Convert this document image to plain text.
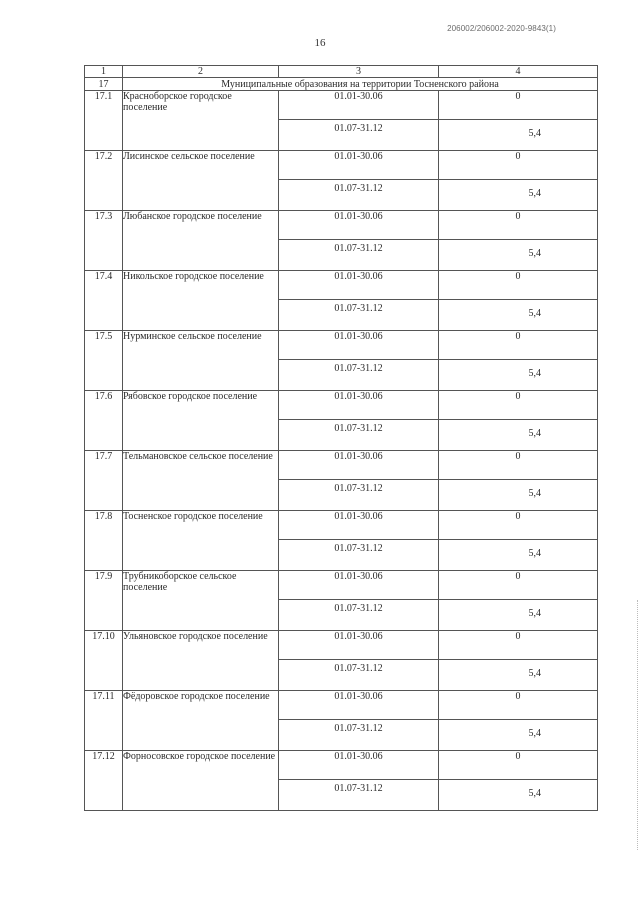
206002/206002-2020-9843(1)
16
1	2	3	4
17	Муниципальные образования на территории Тосненского района		
17.1	Красноборское городское поселение	01.01-30.06	0
		01.07-31.12	5,4
17.2	Лисинское сельское поселение	01.01-30.06	0
		01.07-31.12	5,4
17.3	Любанское городское поселение	01.01-30.06	0
		01.07-31.12	5,4
17.4	Никольское городское поселение	01.01-30.06	0
		01.07-31.12	5,4
17.5	Нурминское сельское поселение	01.01-30.06	0
		01.07-31.12	5,4
17.6	Рябовское городское поселение	01.01-30.06	0
		01.07-31.12	5,4
17.7	Тельмановское сельское поселение	01.01-30.06	0
		01.07-31.12	5,4
17.8	Тосненское городское поселение	01.01-30.06	0
		01.07-31.12	5,4
17.9	Трубникоборское сельское поселение	01.01-30.06	0
		01.07-31.12	5,4
17.10	Ульяновское городское поселение	01.01-30.06	0
		01.07-31.12	5,4
17.11	Фёдоровское городское поселение	01.01-30.06	0
		01.07-31.12	5,4
17.12	Форносовское городское поселение	01.01-30.06	0
		01.07-31.12	5,4
